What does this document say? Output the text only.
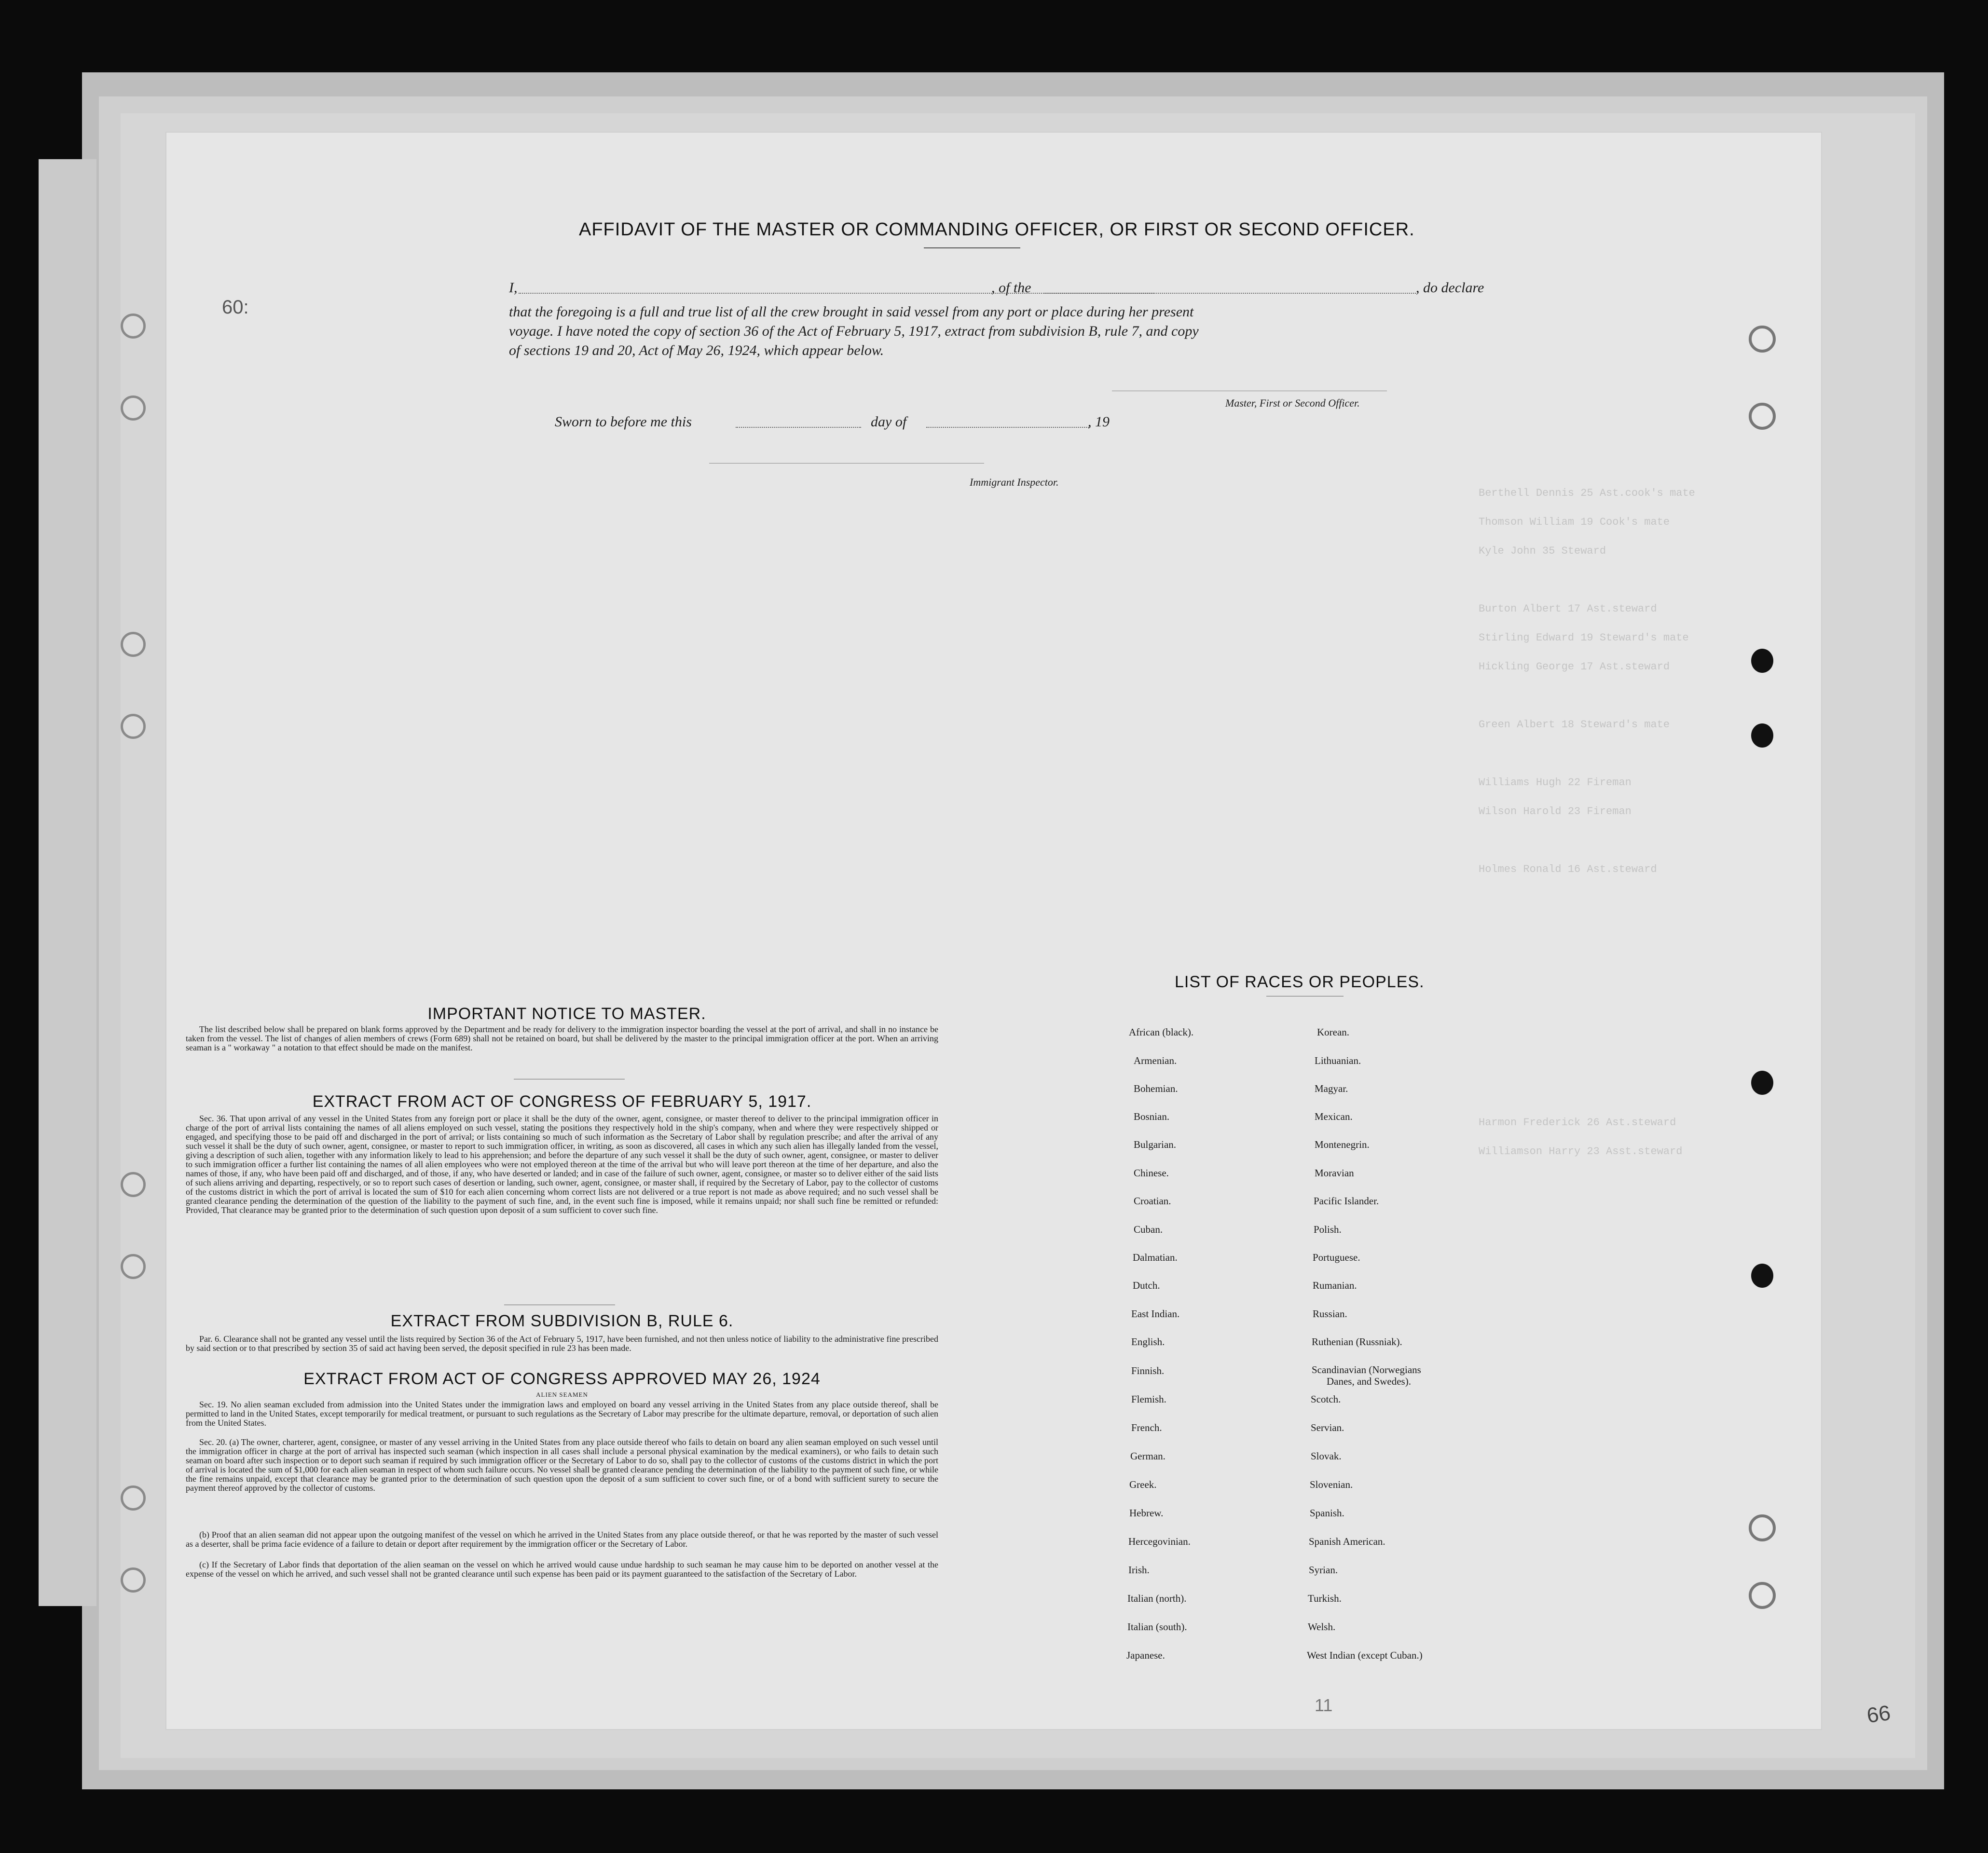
Berthell Dennis 25 Ast.cook's mate
Thomson William 19 Cook's mate
Kyle John 35 Steward
Burton Albert 17 Ast.steward
Stirling Edward 19 Steward's mate
Hickling George 17 Ast.steward
Green Albert 18 Steward's mate
Williams Hugh 22 Fireman
Wilson Harold 23 Fireman
Holmes Ronald 16 Ast.steward
Harmon Frederick 26 Ast.steward
Williamson Harry 23 Asst.steward
60:
11
AFFIDAVIT OF THE MASTER OR COMMANDING OFFICER, OR FIRST OR SECOND OFFICER.
I,	, of the	, do declare
that the foregoing is a full and true list of all the crew brought in said vessel from any port or place during her present
voyage. I have noted the copy of section 36 of the Act of February 5, 1917, extract from subdivision B, rule 7, and copy
of sections 19 and 20, Act of May 26, 1924, which appear below.
Master, First or Second Officer.
Sworn to before me this	day of	, 19
Immigrant Inspector.
IMPORTANT NOTICE TO MASTER.
The list described below shall be prepared on blank forms approved by the Department and be ready for delivery to the immigration inspector boarding the vessel at the port of arrival, and shall in no instance be taken from the vessel. The list of changes of alien members of crews (Form 689) shall not be retained on board, but shall be delivered by the master to the principal immigration officer at the port. When an arriving seaman is a " workaway " a notation to that effect should be made on the manifest.
EXTRACT FROM ACT OF CONGRESS OF FEBRUARY 5, 1917.
Sec. 36. That upon arrival of any vessel in the United States from any foreign port or place it shall be the duty of the owner, agent, consignee, or master thereof to deliver to the principal immigration officer in charge of the port of arrival lists containing the names of all aliens employed on such vessel, stating the positions they respectively hold in the ship's company, when and where they were respectively shipped or engaged, and specifying those to be paid off and discharged in the port of arrival; or lists containing so much of such information as the Secretary of Labor shall by regulation prescribe; and after the arrival of any such vessel it shall be the duty of such owner, agent, consignee, or master to report to such immigration officer, in writing, as soon as discovered, all cases in which any such alien has illegally landed from the vessel, giving a description of such alien, together with any information likely to lead to his apprehension; and before the departure of any such vessel it shall be the duty of such owner, agent, consignee, or master to deliver to such immigration officer a further list containing the names of all alien employees who were not employed thereon at the time of the arrival but who will leave port thereon at the time of her departure, and also the names of those, if any, who have been paid off and discharged, and of those, if any, who have deserted or landed; and in case of the failure of such owner, agent, consignee, or master so to deliver either of the said lists of such aliens arriving and departing, respectively, or so to report such cases of desertion or landing, such owner, agent, consignee, or master shall, if required by the Secretary of Labor, pay to the collector of customs of the customs district in which the port of arrival is located the sum of $10 for each alien concerning whom correct lists are not delivered or a true report is not made as above required; and no such vessel shall be granted clearance pending the determination of the question of the liability to the payment of such fine, and, in the event such fine is imposed, while it remains unpaid; nor shall such fine be remitted or refunded: Provided, That clearance may be granted prior to the determination of such question upon deposit of a sum sufficient to cover such fine.
EXTRACT FROM SUBDIVISION B, RULE 6.
Par. 6. Clearance shall not be granted any vessel until the lists required by Section 36 of the Act of February 5, 1917, have been furnished, and not then unless notice of liability to the administrative fine prescribed by said section or to that prescribed by section 35 of said act having been served, the deposit specified in rule 23 has been made.
EXTRACT FROM ACT OF CONGRESS APPROVED MAY 26, 1924
ALIEN SEAMEN
Sec. 19. No alien seaman excluded from admission into the United States under the immigration laws and employed on board any vessel arriving in the United States from any place outside thereof, shall be permitted to land in the United States, except temporarily for medical treatment, or pursuant to such regulations as the Secretary of Labor may prescribe for the ultimate departure, removal, or deportation of such alien from the United States.
Sec. 20. (a) The owner, charterer, agent, consignee, or master of any vessel arriving in the United States from any place outside thereof who fails to detain on board any alien seaman employed on such vessel until the immigration officer in charge at the port of arrival has inspected such seaman (which inspection in all cases shall include a personal physical examination by the medical examiners), or who fails to detain such seaman on board after such inspection or to deport such seaman if required by such immigration officer or the Secretary of Labor to do so, shall pay to the collector of customs of the customs district in which the port of arrival is located the sum of $1,000 for each alien seaman in respect of whom such failure occurs. No vessel shall be granted clearance pending the determination of the liability to the payment of such fine, or while the fine remains unpaid, except that clearance may be granted prior to the determination of such question upon the deposit of a sum sufficient to cover such fine, or of a bond with sufficient surety to secure the payment thereof approved by the collector of customs.
(b) Proof that an alien seaman did not appear upon the outgoing manifest of the vessel on which he arrived in the United States from any place outside thereof, or that he was reported by the master of such vessel as a deserter, shall be prima facie evidence of a failure to detain or deport after requirement by the immigration officer or the Secretary of Labor.
(c) If the Secretary of Labor finds that deportation of the alien seaman on the vessel on which he arrived would cause undue hardship to such seaman he may cause him to be deported on another vessel at the expense of the vessel on which he arrived, and such vessel shall not be granted clearance until such expense has been paid or its payment guaranteed to the satisfaction of the Secretary of Labor.
LIST OF RACES OR PEOPLES.
African (black).
Armenian.
Bohemian.
Bosnian.
Bulgarian.
Chinese.
Croatian.
Cuban.
Dalmatian.
Dutch.
East Indian.
English.
Finnish.
Flemish.
French.
German.
Greek.
Hebrew.
Hercegovinian.
Irish.
Italian (north).
Italian (south).
Japanese.
Korean.
Lithuanian.
Magyar.
Mexican.
Montenegrin.
Moravian
Pacific Islander.
Polish.
Portuguese.
Rumanian.
Russian.
Ruthenian (Russniak).
Scandinavian (Norwegians
Danes, and Swedes).
Scotch.
Servian.
Slovak.
Slovenian.
Spanish.
Spanish American.
Syrian.
Turkish.
Welsh.
West Indian (except Cuban.)
66
